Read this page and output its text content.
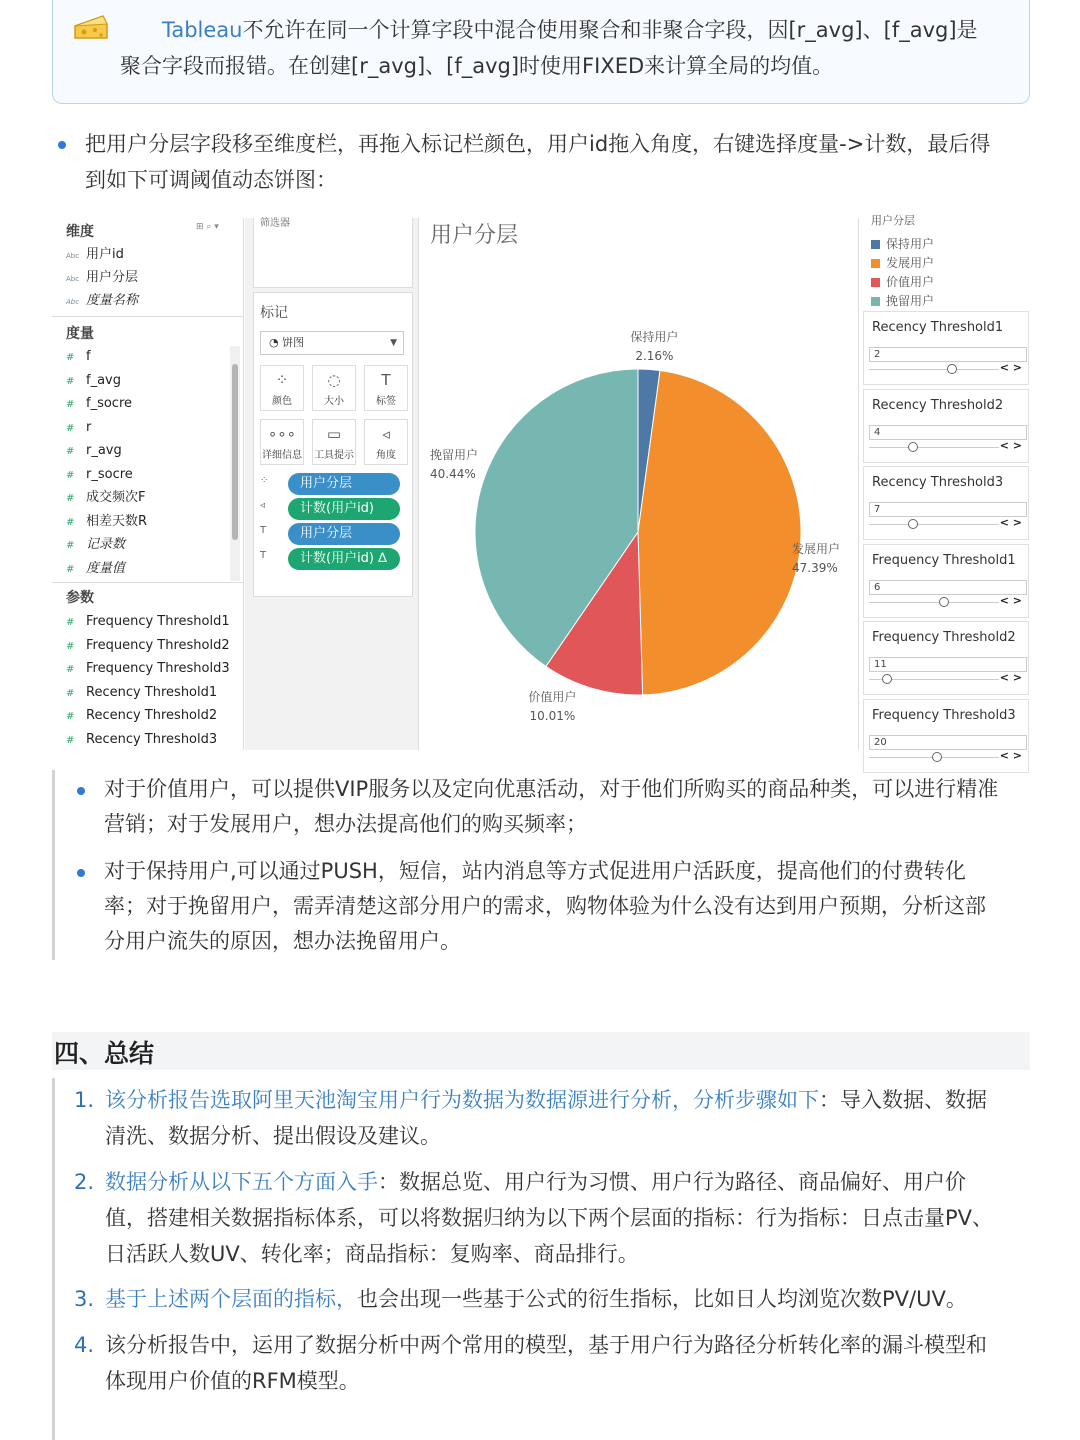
Tableau不允许在同一个计算字段中混合使用聚合和非聚合字段，因[r_avg]、[f_avg]是
聚合字段而报错。在创建[r_avg]、[f_avg]时使用FIXED来计算全局的均值。
把用户分层字段移至维度栏，再拖入标记栏颜色，用户id拖入角度，右键选择度量->计数，最后得
到如下可调阈值动态饼图：
维度	⊞ ⌕ ▾
Abc 用户id
Abc 用户分层
Abc 度量名称
度量
# f
# f_avg
# f_socre
# r
# r_avg
# r_socre
# 成交频次F
# 相差天数R
# 记录数
# 度量值
参数
# Frequency Threshold1
# Frequency Threshold2
# Frequency Threshold3
# Recency Threshold1
# Recency Threshold2
# Recency Threshold3
筛选器
标记
◔ 饼图	▼
⁘
颜色
◌
大小
T
标签
∘∘∘
详细信息
▭
工具提示
◃
角度
⁘	用户分层
◃	计数(用户id)
T	用户分层
T	计数(用户id) ∆
用户分层
保持用户
2.16%
发展用户
47.39%
价值用户
10.01%
挽留用户
40.44%
用户分层
保持用户
发展用户
价值用户
挽留用户
Recency Threshold1
2
< >
Recency Threshold2
4
< >
Recency Threshold3
7
< >
Frequency Threshold1
6
< >
Frequency Threshold2
11
< >
Frequency Threshold3
20
< >
对于价值用户，可以提供VIP服务以及定向优惠活动，对于他们所购买的商品种类，可以进行精准
营销；对于发展用户，想办法提高他们的购买频率；
对于保持用户,可以通过PUSH，短信，站内消息等方式促进用户活跃度，提高他们的付费转化
率；对于挽留用户，需弄清楚这部分用户的需求，购物体验为什么没有达到用户预期，分析这部
分用户流失的原因，想办法挽留用户。
四、总结
1. 该分析报告选取阿里天池淘宝用户行为数据为数据源进行分析，分析步骤如下：导入数据、数据
清洗、数据分析、提出假设及建议。
2. 数据分析从以下五个方面入手：数据总览、用户行为习惯、用户行为路径、商品偏好、用户价
值，搭建相关数据指标体系，可以将数据归纳为以下两个层面的指标：行为指标：日点击量PV、
日活跃人数UV、转化率；商品指标：复购率、商品排行。
3. 基于上述两个层面的指标，也会出现一些基于公式的衍生指标，比如日人均浏览次数PV/UV。
4. 该分析报告中，运用了数据分析中两个常用的模型，基于用户行为路径分析转化率的漏斗模型和
体现用户价值的RFM模型。
